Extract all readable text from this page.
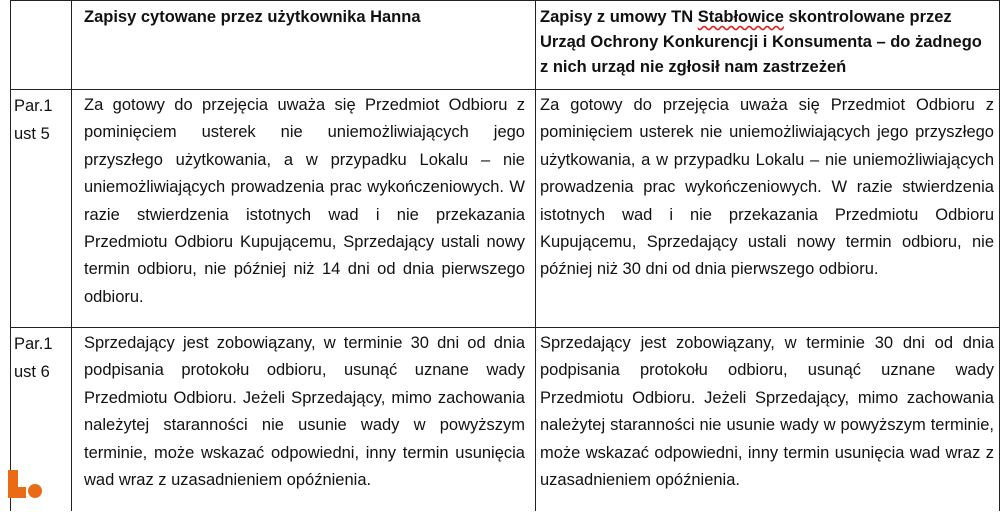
Zapisy cytowane przez użytkownika Hanna	Zapisy z umowy TN Stabłowice skontrolowane przez Urząd Ochrony Konkurencji i Konsumenta – do żadnego z nich urząd nie zgłosił nam zastrzeżeń
Par.1 ust 5
Za gotowy do przejęcia uważa się Przedmiot Odbioru z pominięciem usterek nie uniemożliwiających jego przyszłego użytkowania, a w przypadku Lokalu – nie uniemożliwiających prowadzenia prac wykończeniowych. W razie stwierdzenia istotnych wad i nie przekazania Przedmiotu Odbioru Kupującemu, Sprzedający ustali nowy termin odbioru, nie później niż 14 dni od dnia pierwszego odbioru.
Za gotowy do przejęcia uważa się Przedmiot Odbioru z pominięciem usterek nie uniemożliwiających jego przyszłego użytkowania, a w przypadku Lokalu – nie uniemożliwiających prowadzenia prac wykończeniowych. W razie stwierdzenia istotnych wad i nie przekazania Przedmiotu Odbioru Kupującemu, Sprzedający ustali nowy termin odbioru, nie później niż 30 dni od dnia pierwszego odbioru.
Par.1 ust 6
Sprzedający jest zobowiązany, w terminie 30 dni od dnia podpisania protokołu odbioru, usunąć uznane wady Przedmiotu Odbioru. Jeżeli Sprzedający, mimo zachowania należytej staranności nie usunie wady w powyższym terminie, może wskazać odpowiedni, inny termin usunięcia wad wraz z uzasadnieniem opóźnienia.
Sprzedający jest zobowiązany, w terminie 30 dni od dnia podpisania protokołu odbioru, usunąć uznane wady Przedmiotu Odbioru. Jeżeli Sprzedający, mimo zachowania należytej staranności nie usunie wady w powyższym terminie, może wskazać odpowiedni, inny termin usunięcia wad wraz z uzasadnieniem opóźnienia.
